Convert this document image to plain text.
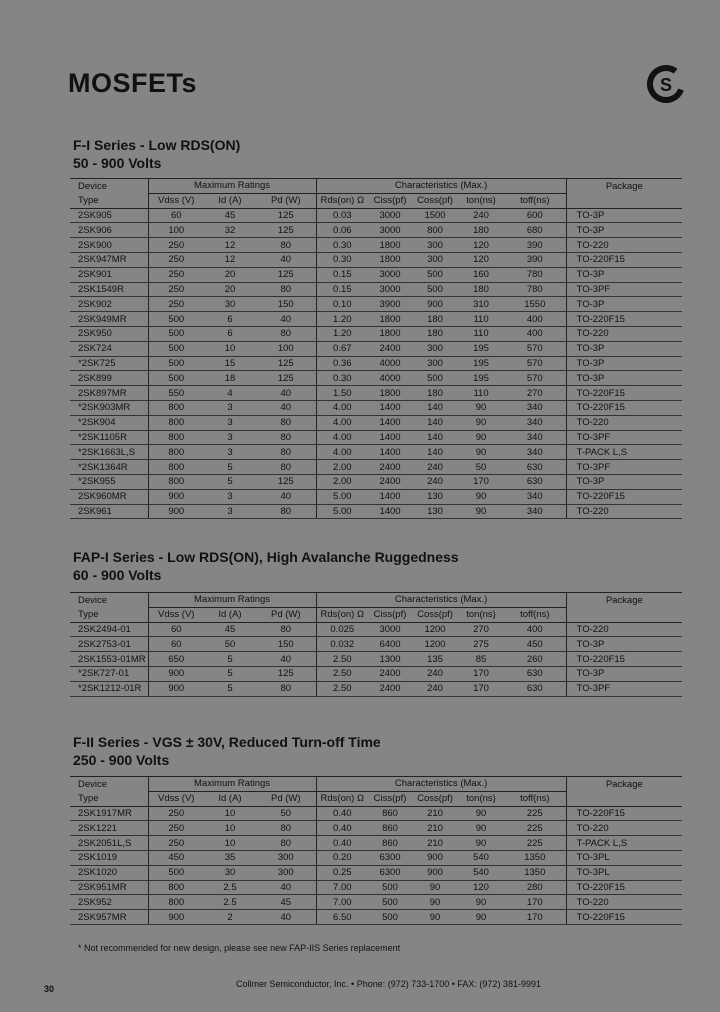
MOSFETs	S
F-I Series - Low RDS(ON)
50 - 900 Volts
Device	Maximum Ratings			Characteristics (Max.)					Package
Type	Vdss (V)	Id (A)	Pd (W)	Rds(on) Ω	Ciss(pf)	Coss(pf)	ton(ns)	toff(ns)	
2SK905	60	45	125	0.03	3000	1500	240	600	TO-3P
2SK906	100	32	125	0.06	3000	800	180	680	TO-3P
2SK900	250	12	80	0.30	1800	300	120	390	TO-220
2SK947MR	250	12	40	0.30	1800	300	120	390	TO-220F15
2SK901	250	20	125	0.15	3000	500	160	780	TO-3P
2SK1549R	250	20	80	0.15	3000	500	180	780	TO-3PF
2SK902	250	30	150	0.10	3900	900	310	1550	TO-3P
2SK949MR	500	6	40	1.20	1800	180	110	400	TO-220F15
2SK950	500	6	80	1.20	1800	180	110	400	TO-220
2SK724	500	10	100	0.67	2400	300	195	570	TO-3P
*2SK725	500	15	125	0.36	4000	300	195	570	TO-3P
2SK899	500	18	125	0.30	4000	500	195	570	TO-3P
2SK897MR	550	4	40	1.50	1800	180	110	270	TO-220F15
*2SK903MR	800	3	40	4.00	1400	140	90	340	TO-220F15
*2SK904	800	3	80	4.00	1400	140	90	340	TO-220
*2SK1105R	800	3	80	4.00	1400	140	90	340	TO-3PF
*2SK1663L,S	800	3	80	4.00	1400	140	90	340	T-PACK L,S
*2SK1364R	800	5	80	2.00	2400	240	50	630	TO-3PF
*2SK955	800	5	125	2.00	2400	240	170	630	TO-3P
2SK960MR	900	3	40	5.00	1400	130	90	340	TO-220F15
2SK961	900	3	80	5.00	1400	130	90	340	TO-220
FAP-I Series - Low RDS(ON), High Avalanche Ruggedness
60 - 900 Volts
Device	Maximum Ratings			Characteristics (Max.)					Package
Type	Vdss (V)	Id (A)	Pd (W)	Rds(on) Ω	Ciss(pf)	Coss(pf)	ton(ns)	toff(ns)	
2SK2494-01	60	45	80	0.025	3000	1200	270	400	TO-220
2SK2753-01	60	50	150	0.032	6400	1200	275	450	TO-3P
2SK1553-01MR	650	5	40	2.50	1300	135	85	260	TO-220F15
*2SK727-01	900	5	125	2.50	2400	240	170	630	TO-3P
*2SK1212-01R	900	5	80	2.50	2400	240	170	630	TO-3PF
F-II Series - VGS ± 30V, Reduced Turn-off Time
250 - 900 Volts
Device	Maximum Ratings			Characteristics (Max.)					Package
Type	Vdss (V)	Id (A)	Pd (W)	Rds(on) Ω	Ciss(pf)	Coss(pf)	ton(ns)	toff(ns)	
2SK1917MR	250	10	50	0.40	860	210	90	225	TO-220F15
2SK1221	250	10	80	0.40	860	210	90	225	TO-220
2SK2051L,S	250	10	80	0.40	860	210	90	225	T-PACK L,S
2SK1019	450	35	300	0.20	6300	900	540	1350	TO-3PL
2SK1020	500	30	300	0.25	6300	900	540	1350	TO-3PL
2SK951MR	800	2.5	40	7.00	500	90	120	280	TO-220F15
2SK952	800	2.5	45	7.00	500	90	90	170	TO-220
2SK957MR	900	2	40	6.50	500	90	90	170	TO-220F15
* Not recommended for new design, please see new FAP-IIS Series replacement
30	Collmer Semiconductor, Inc. • Phone: (972) 733-1700 • FAX: (972) 381-9991
